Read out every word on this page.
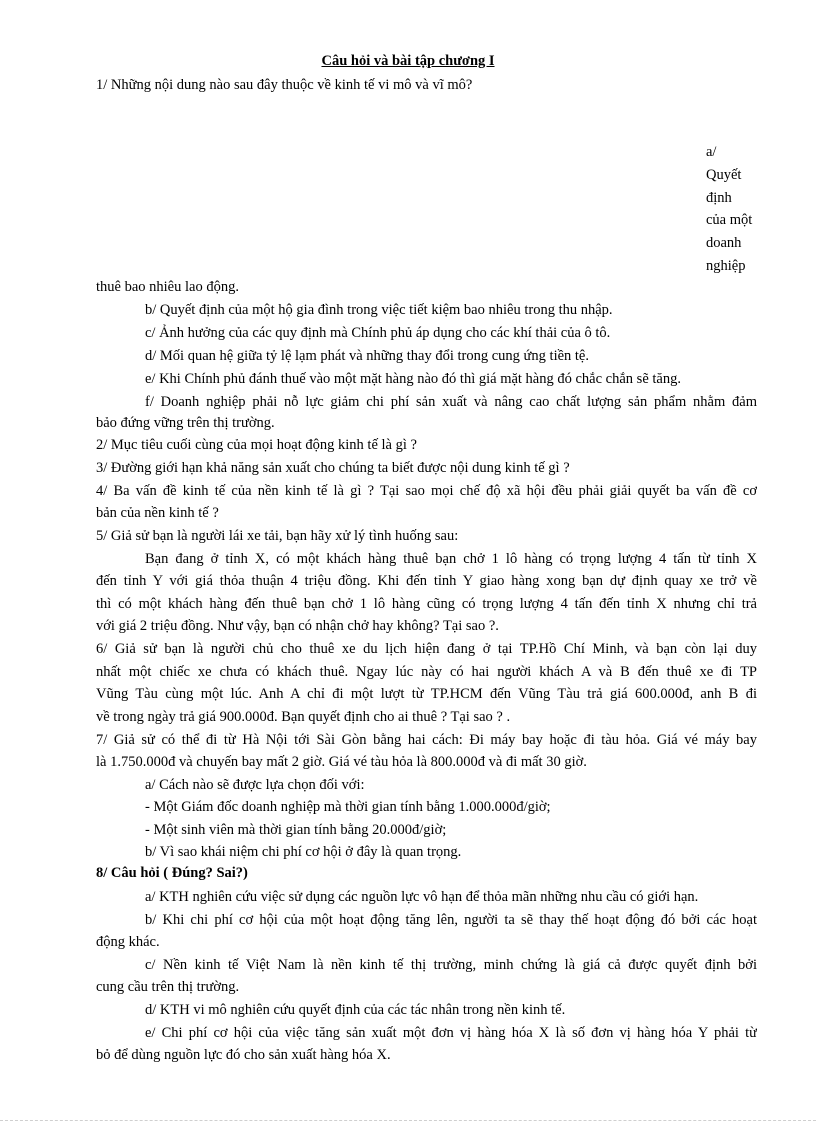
Câu hỏi và bài tập chương I
1/ Những nội dung nào sau đây thuộc về kinh tế vi mô và vĩ mô?
a/
Quyết
định
của một
doanh
nghiệp
thuê bao nhiêu lao động.
b/ Quyết định của một hộ gia đình trong việc tiết kiệm bao nhiêu trong thu nhập.
c/ Ảnh hưởng của các quy định mà Chính phủ áp dụng cho các khí thải của ô tô.
d/ Mối quan hệ giữa tỷ lệ lạm phát và những thay đổi trong cung ứng tiền tệ.
e/ Khi Chính phủ đánh thuế vào một mặt hàng nào đó thì giá mặt hàng đó chắc chắn sẽ tăng.
f/ Doanh nghiệp phải nỗ lực giảm chi phí sản xuất và nâng cao chất lượng sản phẩm nhằm đảm
bảo đứng vững trên thị trường.
2/ Mục tiêu cuối cùng của mọi hoạt động kinh tế là gì ?
3/ Đường giới hạn khả năng sản xuất cho chúng ta biết được nội dung kinh tế gì ?
4/ Ba vấn đề kinh tế của nền kinh tế là gì ? Tại sao mọi chế độ xã hội đều phải giải quyết ba vấn đề cơ
bản của nền kinh tế ?
5/ Giả sử bạn là người lái xe tải, bạn hãy xử lý tình huống sau:
Bạn đang ở tỉnh X, có một khách hàng thuê bạn chở 1 lô hàng có trọng lượng 4 tấn từ tỉnh X
đến tỉnh Y với giá thỏa thuận 4 triệu đồng. Khi đến tỉnh Y giao hàng xong bạn dự định quay xe trở về
thì có một khách hàng đến thuê bạn chở 1 lô hàng cũng có trọng lượng 4 tấn đến tỉnh X nhưng chỉ trả
với giá 2 triệu đồng. Như vậy, bạn có nhận chở hay không? Tại sao ?.
6/ Giả sử bạn là người chủ cho thuê xe du lịch hiện đang ở tại TP.Hồ Chí Minh, và bạn còn lại duy
nhất một chiếc xe chưa có khách thuê. Ngay lúc này có hai người khách A và B đến thuê xe đi TP
Vũng Tàu cùng một lúc. Anh A chỉ đi một lượt từ TP.HCM đến Vũng Tàu trả giá 600.000đ, anh B đi
về trong ngày trả giá 900.000đ. Bạn quyết định cho ai thuê ? Tại sao ? .
7/ Giả sử có thể đi từ Hà Nội tới Sài Gòn bằng hai cách: Đi máy bay hoặc đi tàu hỏa. Giá vé máy bay
là 1.750.000đ và chuyến bay mất 2 giờ. Giá vé tàu hỏa là 800.000đ và đi mất 30 giờ.
a/ Cách nào sẽ được lựa chọn đối với:
- Một Giám đốc doanh nghiệp mà thời gian tính bằng 1.000.000đ/giờ;
- Một sinh viên mà thời gian tính bằng 20.000đ/giờ;
b/ Vì sao khái niệm chi phí cơ hội ở đây là quan trọng.
8/ Câu hỏi ( Đúng? Sai?)
a/ KTH nghiên cứu việc sử dụng các nguồn lực vô hạn để thỏa mãn những nhu cầu có giới hạn.
b/ Khi chi phí cơ hội của một hoạt động tăng lên, người ta sẽ thay thế hoạt động đó bởi các hoạt
động khác.
c/ Nền kinh tế Việt Nam là nền kinh tế thị trường, minh chứng là giá cả được quyết định bởi
cung cầu trên thị trường.
d/ KTH vi mô nghiên cứu quyết định của các tác nhân trong nền kinh tế.
e/ Chi phí cơ hội của việc tăng sản xuất một đơn vị hàng hóa X là số đơn vị hàng hóa Y phải từ
bỏ để dùng nguồn lực đó cho sản xuất hàng hóa X.
